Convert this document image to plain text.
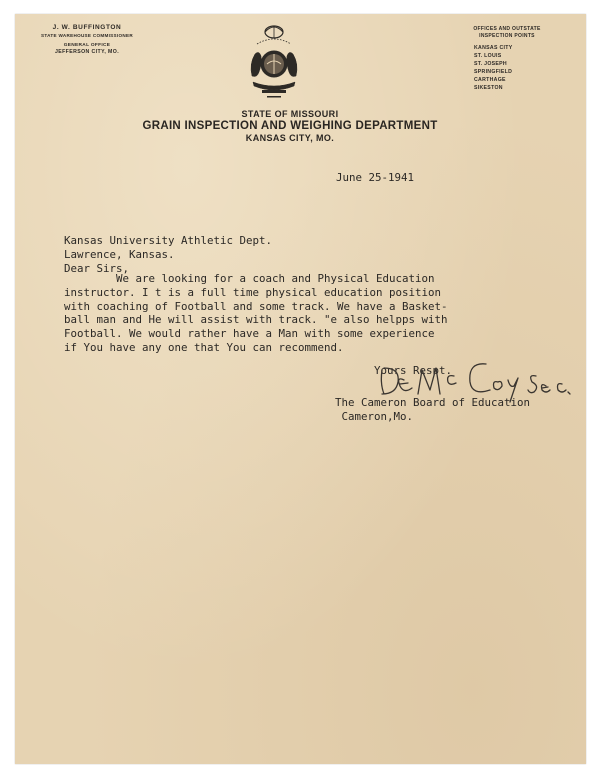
J. W. BUFFINGTON
STATE WAREHOUSE COMMISSIONER
GENERAL OFFICE
JEFFERSON CITY, MO.
OFFICES AND OUTSTATE
INSPECTION POINTS
KANSAS CITY
ST. LOUIS
ST. JOSEPH
SPRINGFIELD
CARTHAGE
SIKESTON
STATE OF MISSOURI
GRAIN INSPECTION AND WEIGHING DEPARTMENT
KANSAS CITY, MO.
June 25-1941
Kansas University Athletic Dept.
Lawrence, Kansas.
Dear Sirs,
We are looking for a coach and Physical Education
instructor. I t is a full time physical education position
with coaching of Football and some track. We have a Basket-
ball man and He will assist with track. "e also helpps with
Football. We would rather have a Man with some experience
if You have any one that You can recommend.
Yours Respt.
The Cameron Board of Education
Cameron,Mo.
